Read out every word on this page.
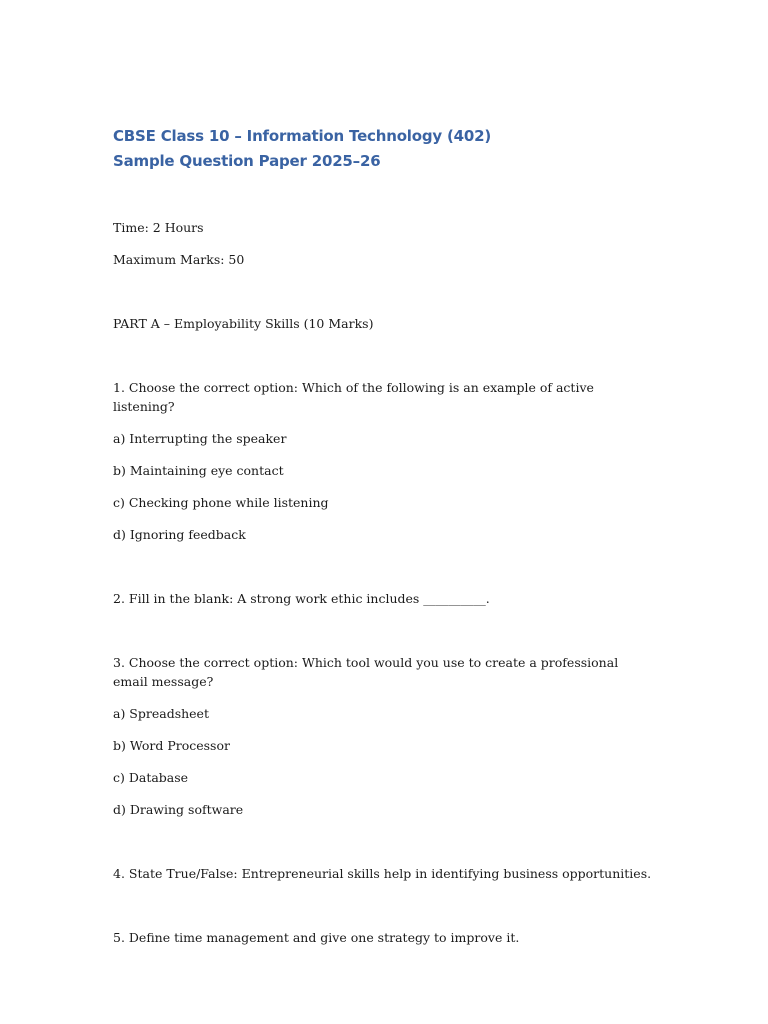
CBSE Class 10 – Information Technology (402)
Sample Question Paper 2025–26

Time: 2 Hours

Maximum Marks: 50

PART A – Employability Skills (10 Marks)

1. Choose the correct option: Which of the following is an example of active listening?

a) Interrupting the speaker

b) Maintaining eye contact

c) Checking phone while listening

d) Ignoring feedback

2. Fill in the blank: A strong work ethic includes __________.

3. Choose the correct option: Which tool would you use to create a professional email message?

a) Spreadsheet

b) Word Processor

c) Database

d) Drawing software

4. State True/False: Entrepreneurial skills help in identifying business opportunities.

5. Define time management and give one strategy to improve it.
